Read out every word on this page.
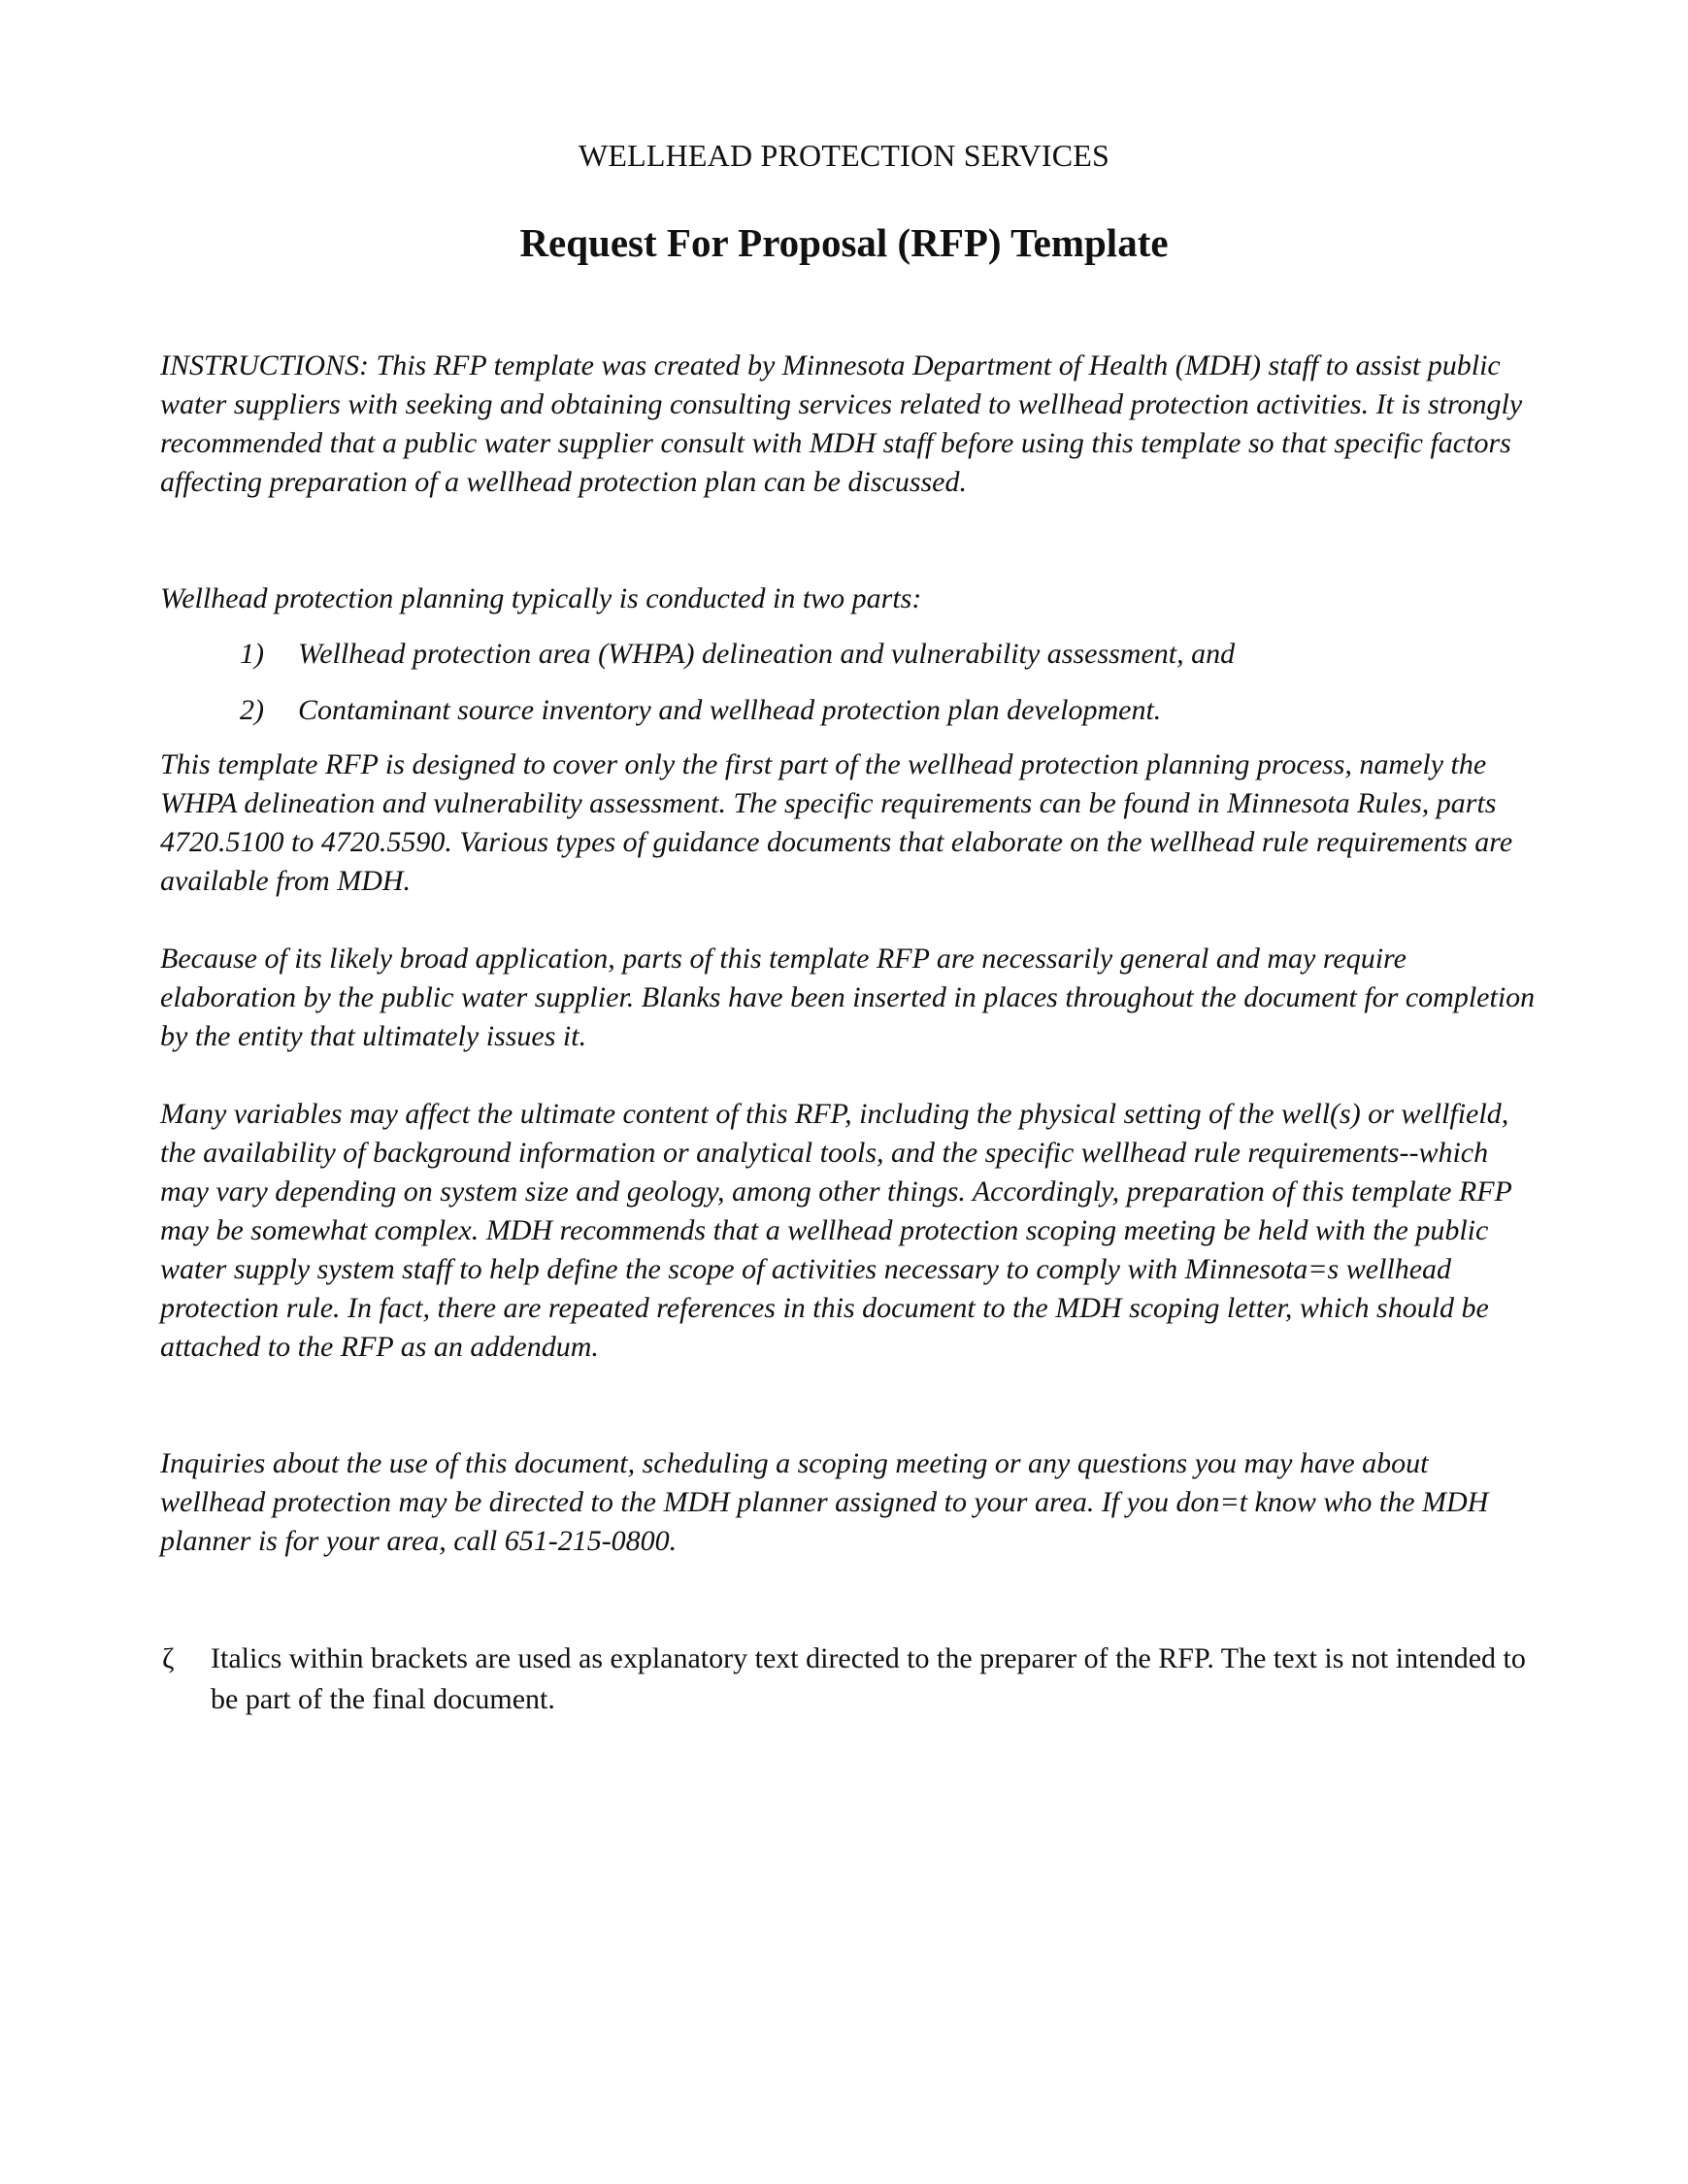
WELLHEAD PROTECTION SERVICES
Request For Proposal (RFP) Template

INSTRUCTIONS: This RFP template was created by Minnesota Department of Health (MDH) staff to assist public water suppliers with seeking and obtaining consulting services related to wellhead protection activities. It is strongly recommended that a public water supplier consult with MDH staff before using this template so that specific factors affecting preparation of a wellhead protection plan can be discussed.

Wellhead protection planning typically is conducted in two parts:

1) Wellhead protection area (WHPA) delineation and vulnerability assessment, and
2) Contaminant source inventory and wellhead protection plan development.

This template RFP is designed to cover only the first part of the wellhead protection planning process, namely the WHPA delineation and vulnerability assessment. The specific requirements can be found in Minnesota Rules, parts 4720.5100 to 4720.5590. Various types of guidance documents that elaborate on the wellhead rule requirements are available from MDH.

Because of its likely broad application, parts of this template RFP are necessarily general and may require elaboration by the public water supplier. Blanks have been inserted in places throughout the document for completion by the entity that ultimately issues it.

Many variables may affect the ultimate content of this RFP, including the physical setting of the well(s) or wellfield, the availability of background information or analytical tools, and the specific wellhead rule requirements--which may vary depending on system size and geology, among other things. Accordingly, preparation of this template RFP may be somewhat complex. MDH recommends that a wellhead protection scoping meeting be held with the public water supply system staff to help define the scope of activities necessary to comply with Minnesota=s wellhead protection rule. In fact, there are repeated references in this document to the MDH scoping letter, which should be attached to the RFP as an addendum.

Inquiries about the use of this document, scheduling a scoping meeting or any questions you may have about wellhead protection may be directed to the MDH planner assigned to your area. If you don=t know who the MDH planner is for your area, call 651-215-0800.

ζ	Italics within brackets are used as explanatory text directed to the preparer of the RFP. The text is not intended to be part of the final document.
